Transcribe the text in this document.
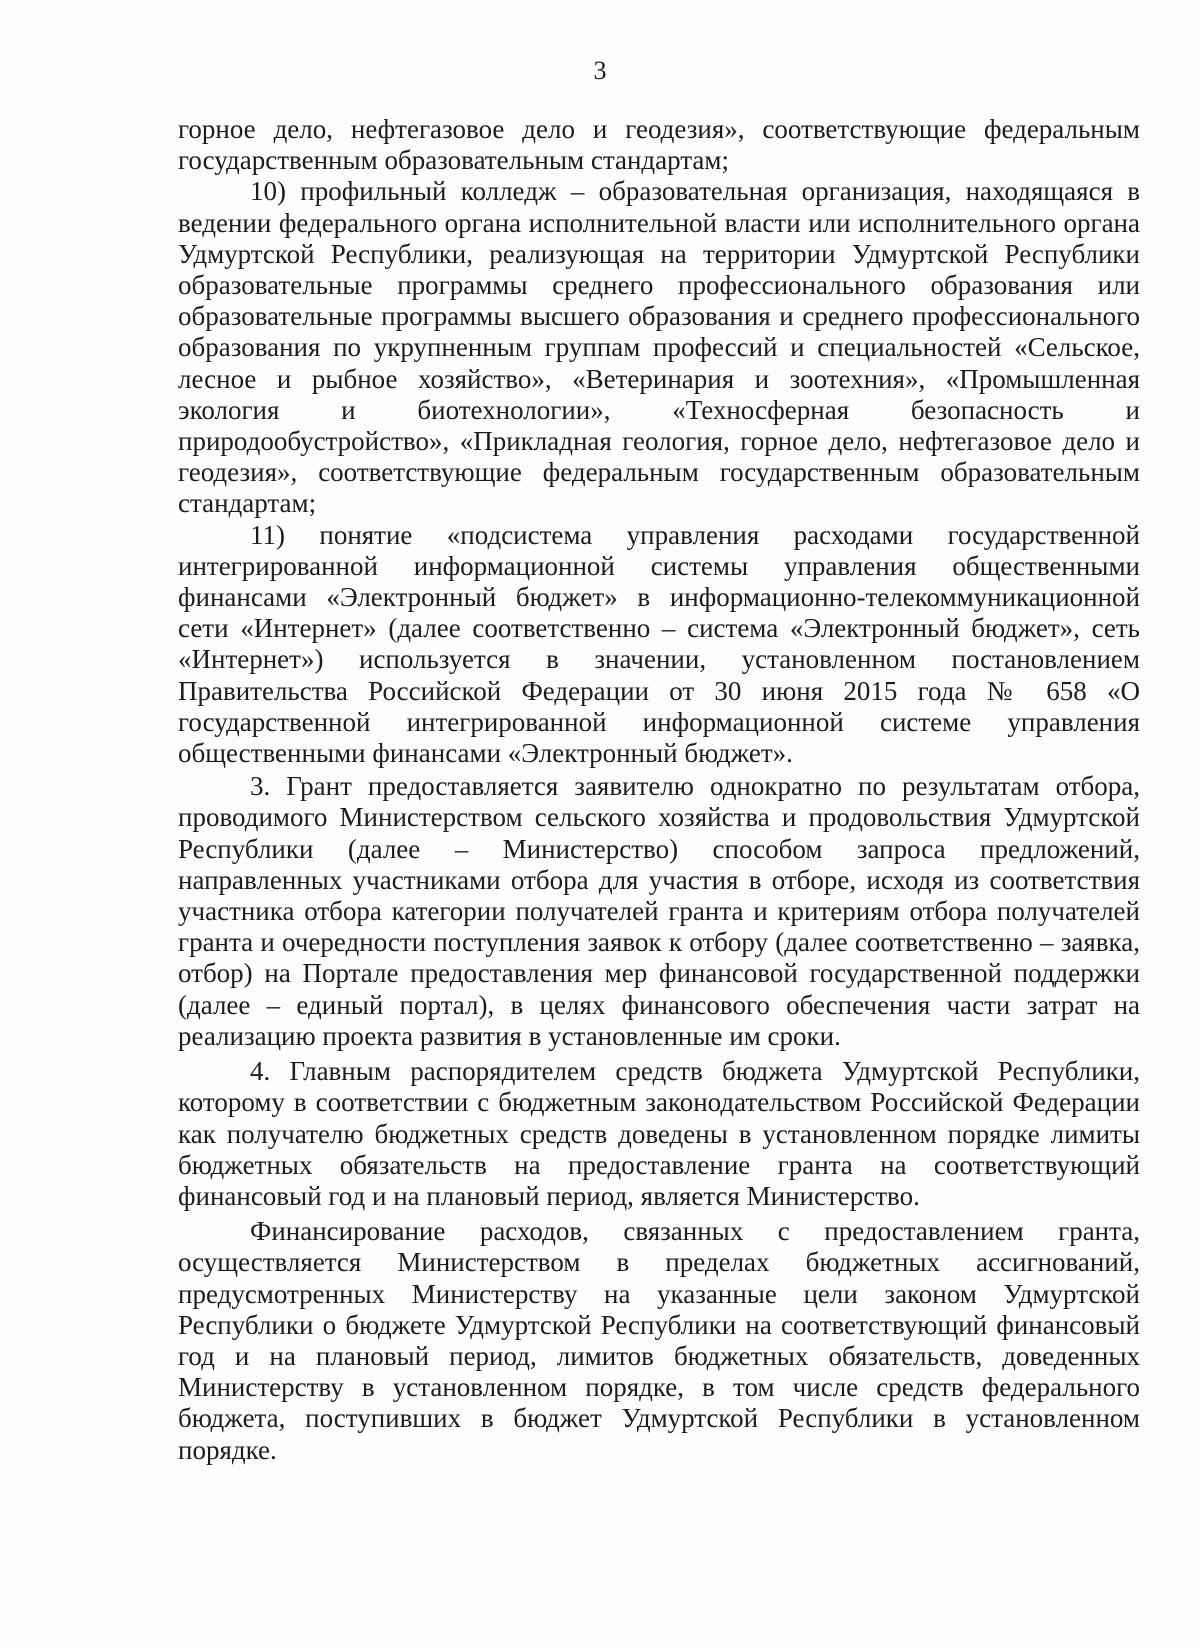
3

горное дело, нефтегазовое дело и геодезия», соответствующие федеральным государственным образовательным стандартам;

10) профильный колледж – образовательная организация, находящаяся в ведении федерального органа исполнительной власти или исполнительного органа Удмуртской Республики, реализующая на территории Удмуртской Республики образовательные программы среднего профессионального образования или образовательные программы высшего образования и среднего профессионального образования по укрупненным группам профессий и специальностей «Сельское, лесное и рыбное хозяйство», «Ветеринария и зоотехния», «Промышленная экология и биотехнологии», «Техносферная безопасность и природообустройство», «Прикладная геология, горное дело, нефтегазовое дело и геодезия», соответствующие федеральным государственным образовательным стандартам;

11) понятие «подсистема управления расходами государственной интегрированной информационной системы управления общественными финансами «Электронный бюджет» в информационно-телекоммуникационной сети «Интернет» (далее соответственно – система «Электронный бюджет», сеть «Интернет») используется в значении, установленном постановлением Правительства Российской Федерации от 30 июня 2015 года № 658 «О государственной интегрированной информационной системе управления общественными финансами «Электронный бюджет».

3. Грант предоставляется заявителю однократно по результатам отбора, проводимого Министерством сельского хозяйства и продовольствия Удмуртской Республики (далее – Министерство) способом запроса предложений, направленных участниками отбора для участия в отборе, исходя из соответствия участника отбора категории получателей гранта и критериям отбора получателей гранта и очередности поступления заявок к отбору (далее соответственно – заявка, отбор) на Портале предоставления мер финансовой государственной поддержки (далее – единый портал), в целях финансового обеспечения части затрат на реализацию проекта развития в установленные им сроки.

4. Главным распорядителем средств бюджета Удмуртской Республики, которому в соответствии с бюджетным законодательством Российской Федерации как получателю бюджетных средств доведены в установленном порядке лимиты бюджетных обязательств на предоставление гранта на соответствующий финансовый год и на плановый период, является Министерство.

Финансирование расходов, связанных с предоставлением гранта, осуществляется Министерством в пределах бюджетных ассигнований, предусмотренных Министерству на указанные цели законом Удмуртской Республики о бюджете Удмуртской Республики на соответствующий финансовый год и на плановый период, лимитов бюджетных обязательств, доведенных Министерству в установленном порядке, в том числе средств федерального бюджета, поступивших в бюджет Удмуртской Республики в установленном порядке.
